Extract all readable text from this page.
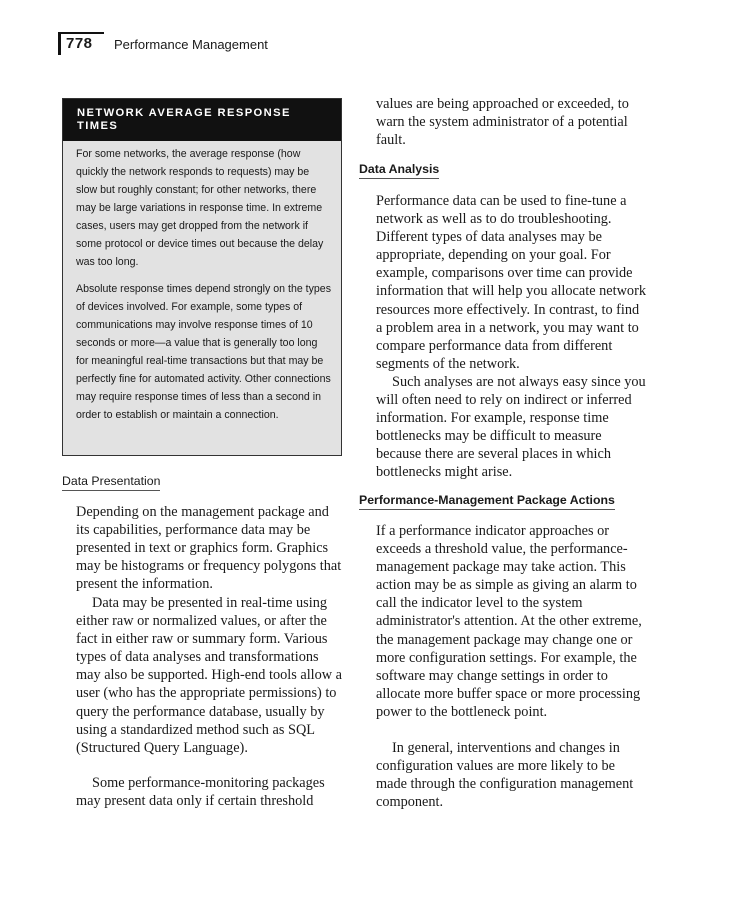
778 Performance Management
NETWORK AVERAGE RESPONSE TIMES

For some networks, the average response (how quickly the network responds to requests) may be slow but roughly constant; for other networks, there may be large variations in response time. In extreme cases, users may get dropped from the network if some protocol or device times out because the delay was too long.

Absolute response times depend strongly on the types of devices involved. For example, some types of communications may involve response times of 10 seconds or more—a value that is generally too long for meaningful real-time transactions but that may be perfectly fine for automated activity. Other connections may require response times of less than a second in order to establish or maintain a connection.

Data Presentation

Depending on the management package and its capabilities, performance data may be presented in text or graphics form. Graphics may be histograms or frequency polygons that present the information.

Data may be presented in real-time using either raw or normalized values, or after the fact in either raw or summary form. Various types of data analyses and transformations may also be supported. High-end tools allow a user (who has the appropriate permissions) to query the performance database, usually by using a standardized method such as SQL (Structured Query Language).

Some performance-monitoring packages may present data only if certain threshold

values are being approached or exceeded, to warn the system administrator of a potential fault.

Data Analysis

Performance data can be used to fine-tune a network as well as to do troubleshooting. Different types of data analyses may be appropriate, depending on your goal. For example, comparisons over time can provide information that will help you allocate network resources more effectively. In contrast, to find a problem area in a network, you may want to compare performance data from different segments of the network.

Such analyses are not always easy since you will often need to rely on indirect or inferred information. For example, response time bottlenecks may be difficult to measure because there are several places in which bottlenecks might arise.

Performance-Management Package Actions

If a performance indicator approaches or exceeds a threshold value, the performance-management package may take action. This action may be as simple as giving an alarm to call the indicator level to the system administrator's attention. At the other extreme, the management package may change one or more configuration settings. For example, the software may change settings in order to allocate more buffer space or more processing power to the bottleneck point.

In general, interventions and changes in configuration values are more likely to be made through the configuration management component.
